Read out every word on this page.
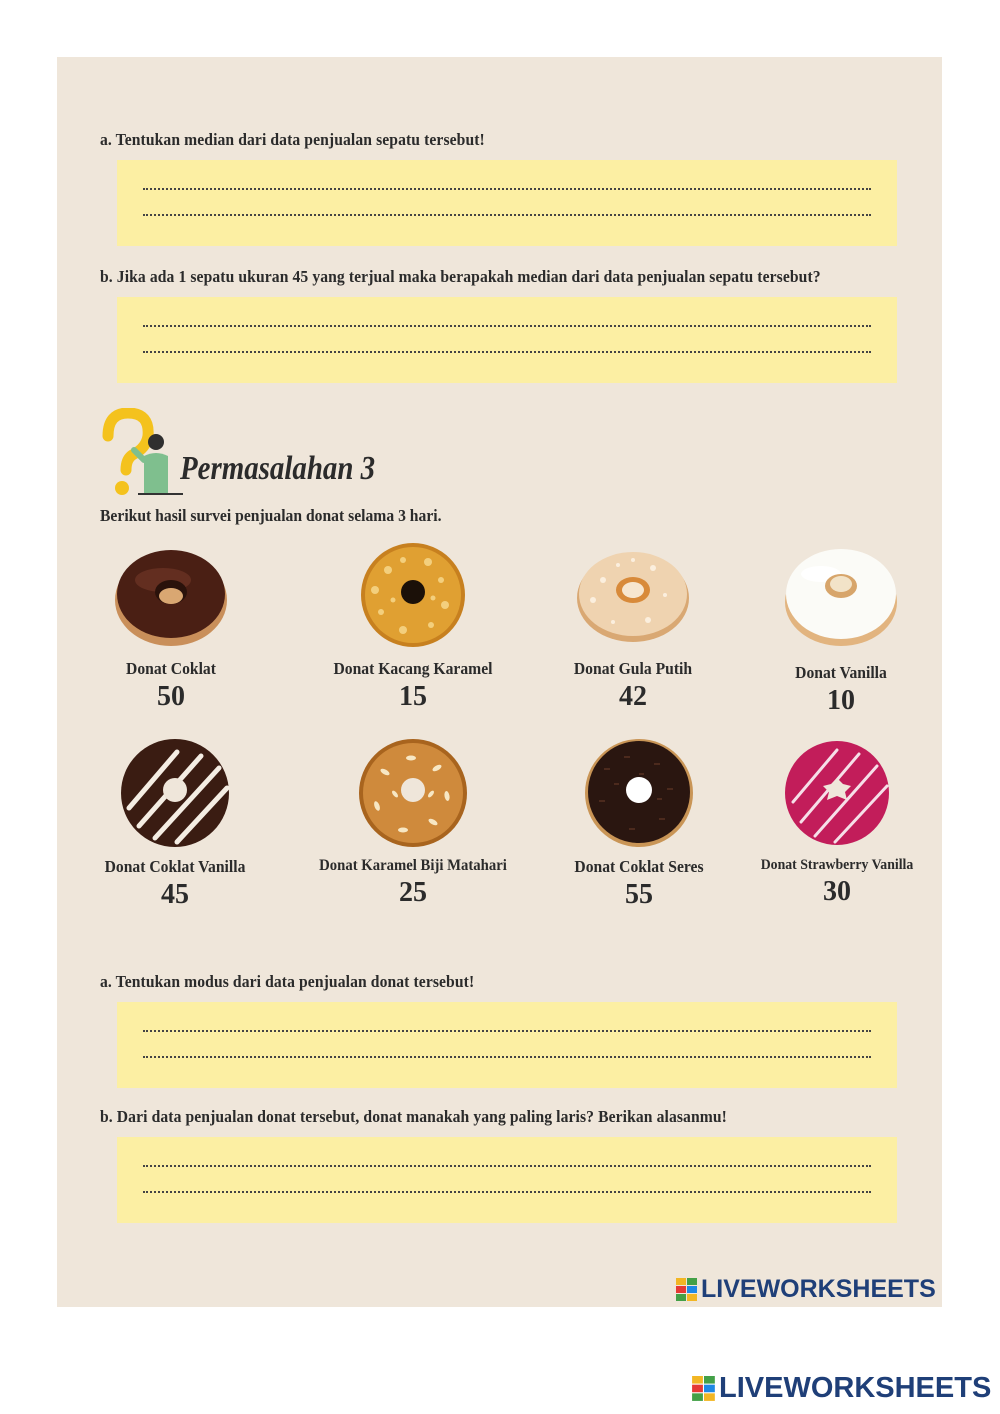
a. Tentukan median dari data penjualan sepatu tersebut!
b. Jika ada 1 sepatu ukuran 45 yang terjual maka berapakah median dari data penjualan sepatu tersebut?
Permasalahan 3
Berikut hasil survei penjualan donat selama 3 hari.
Donat Coklat
50
Donat Kacang Karamel
15
Donat Gula Putih
42
Donat Vanilla
10
Donat Coklat Vanilla
45
Donat Karamel Biji Matahari
25
Donat Coklat Seres
55
Donat Strawberry Vanilla
30
a. Tentukan modus dari data penjualan donat tersebut!
b. Dari data penjualan donat tersebut, donat manakah yang paling laris? Berikan alasanmu!
LIVEWORKSHEETS
LIVEWORKSHEETS
